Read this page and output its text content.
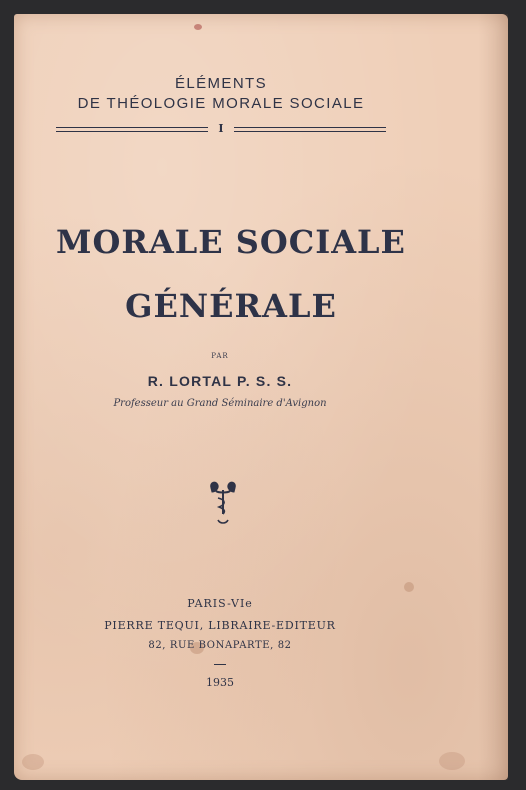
ÉLÉMENTS
DE THÉOLOGIE MORALE SOCIALE
I
MORALE SOCIALE
GÉNÉRALE
PAR
R. LORTAL P. S. S.
Professeur au Grand Séminaire d'Avignon
PARIS-VIe
PIERRE TEQUI, LIBRAIRE-EDITEUR
82, RUE BONAPARTE, 82
1935
